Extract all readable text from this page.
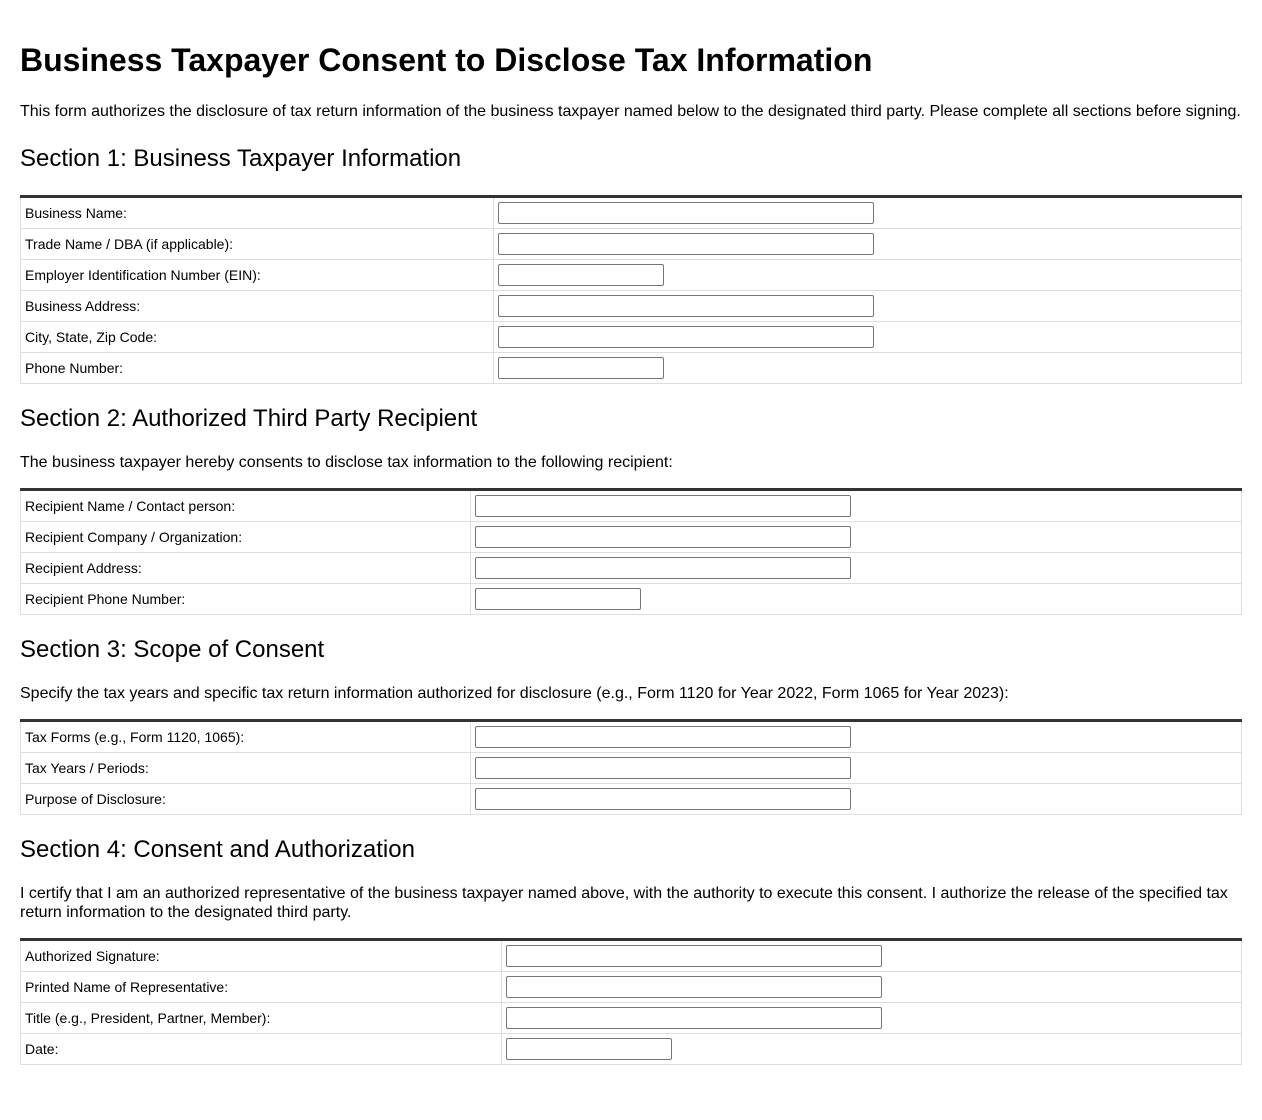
Business Taxpayer Consent to Disclose Tax Information

This form authorizes the disclosure of tax return information of the business taxpayer named below to the designated third party. Please complete all sections before signing.

Section 1: Business Taxpayer Information
Business Name:	

Trade Name / DBA (if applicable):	

Employer Identification Number (EIN):	

Business Address:	

City, State, Zip Code:	

Phone Number:	
Section 2: Authorized Third Party Recipient

The business taxpayer hereby consents to disclose tax information to the following recipient:

Recipient Name / Contact person:	

Recipient Company / Organization:	

Recipient Address:	

Recipient Phone Number:	
Section 3: Scope of Consent

Specify the tax years and specific tax return information authorized for disclosure (e.g., Form 1120 for Year 2022, Form 1065 for Year 2023):

Tax Forms (e.g., Form 1120, 1065):	

Tax Years / Periods:	

Purpose of Disclosure:	
Section 4: Consent and Authorization

I certify that I am an authorized representative of the business taxpayer named above, with the authority to execute this consent. I authorize the release of the specified tax return information to the designated third party.

Authorized Signature:	

Printed Name of Representative:	

Title (e.g., President, Partner, Member):	

Date:	
